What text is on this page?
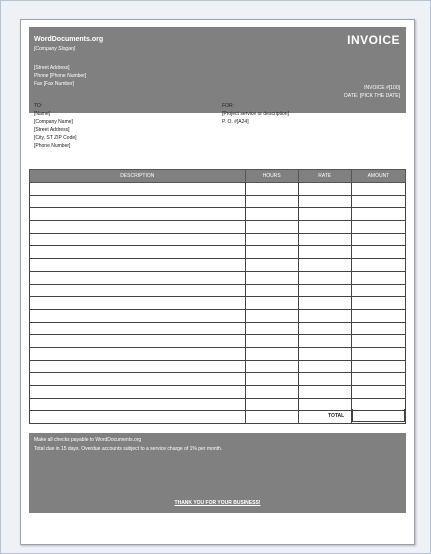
WordDocuments.org
[Company Slogan]
[Street Address]
Phone [Phone Number]
Fax [Fax Number]
INVOICE
INVOICE #[100]
DATE: [PICK THE DATE]
TO:
[Name]
[Company Name]
[Street Address]
[City, ST ZIP Code]
[Phone Number]
FOR:
[Project service or description]
P. O. #[A24]
DESCRIPTION	HOURS	RATE	AMOUNT

TOTAL
Make all checks payable to WordDocuments.org
Total due in 15 days. Overdue accounts subject to a service charge of 1% per month.
THANK YOU FOR YOUR BUSINESS!
